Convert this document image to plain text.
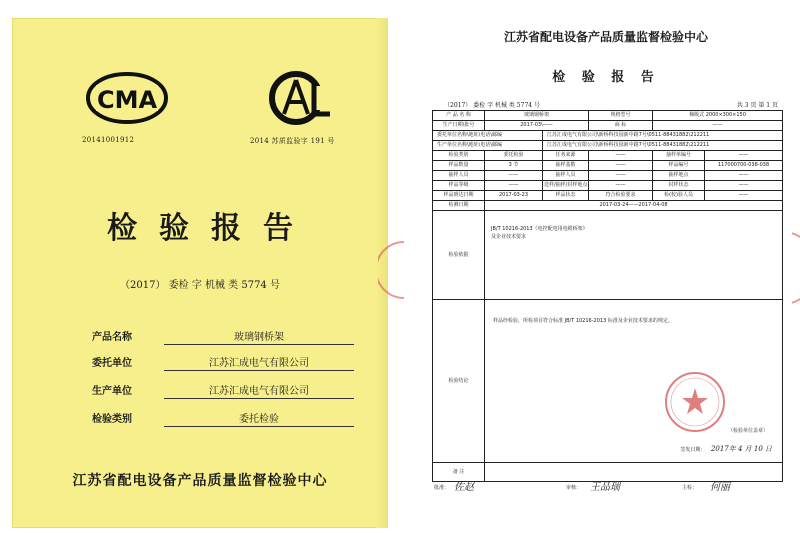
CMA
20141001912
CAL
2014 苏质监验字 191 号
检验报告
（2017） 委检 字 机械 类 5774 号
产品名称	玻璃钢桥架
委托单位	江苏汇成电气有限公司
生产单位	江苏汇成电气有限公司
检验类别	委托检验
江苏省配电设备产品质量监督检验中心
江苏省配电设备产品质量监督检验中心
检 验 报 告
（2017） 委检 字 机械 类 5774 号	共 3 页 第 1 页
产 品 名 称	玻璃钢桥架		规格型号	梯级式 2000×300×150	
生产日期\批号	2017-03\——		商 标	——	
委托单位名称\地址\电话\邮编		江苏汇成电气有限公司\新桥科技园新中路7号\0511-88431882\212211			
生产单位名称\地址\电话\邮编		江苏汇成电气有限公司\新桥科技园新中路7号\0511-88431882\212211			
检验类别	委托检验	任务来源	——	抽样单编号	——
样品数量	3 节	抽样基数	——	样品编号	117000700-038-038
抽样人员	——	抽样人员	——	抽样地点	——
样品等级	——	送样/抽样/封样地点	——	封样状态	——
样品到达日期	2017-03-23	样品状态	符合检验要求	检(校)验人员	——
检测日期	2017-03-24——2017-04-08				
检验依据	JB/T 10216-2013《电控配电用电缆桥架》
及企业技术要求				

检验结论	样品经检验，所检项目符合标准 JB/T 10216-2013 标准及企业技术要求的规定。
（检验单位盖章）
签发日期： 2017年 4 月 10 日				

备 注					
批准： 佐赵	审核： 王品瑞	主检： 何丽
